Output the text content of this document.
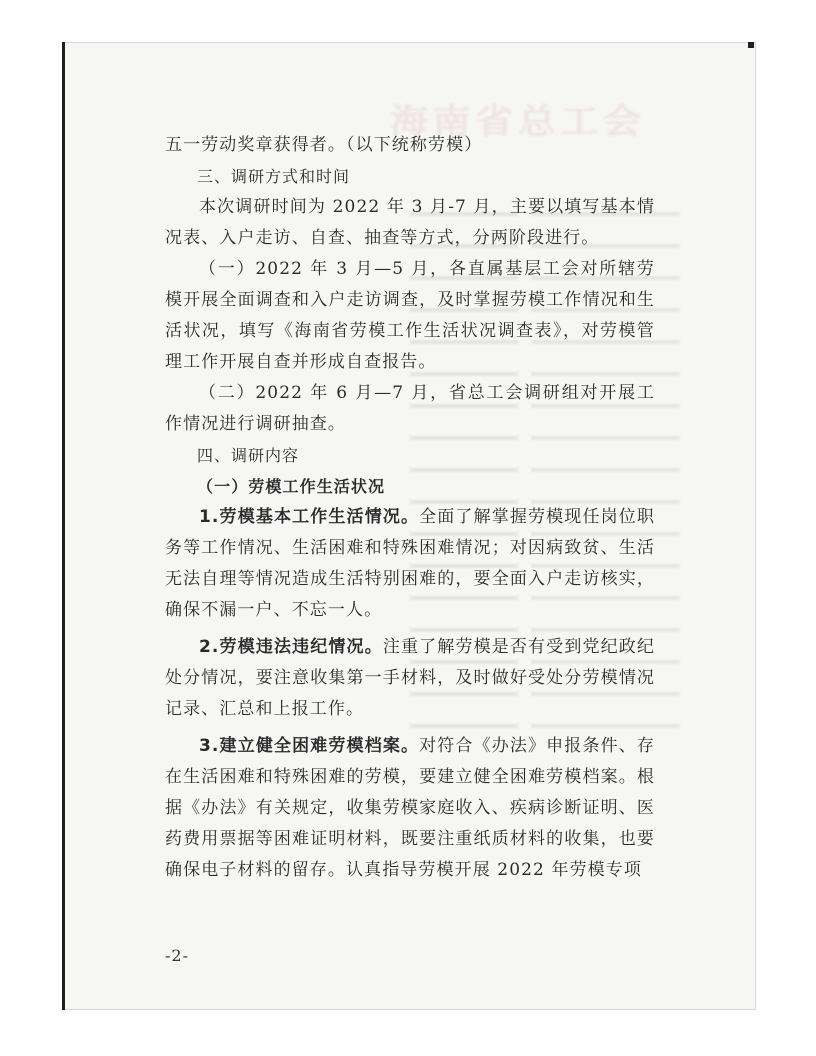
海南省总工会

五一劳动奖章获得者。（以下统称劳模）

三、调研方式和时间

本次调研时间为 2022 年 3 月-7 月，主要以填写基本情况表、入户走访、自查、抽查等方式，分两阶段进行。

（一）2022 年 3 月—5 月，各直属基层工会对所辖劳模开展全面调查和入户走访调查，及时掌握劳模工作情况和生活状况，填写《海南省劳模工作生活状况调查表》，对劳模管理工作开展自查并形成自查报告。

（二）2022 年 6 月—7 月，省总工会调研组对开展工作情况进行调研抽查。

四、调研内容

（一）劳模工作生活状况

1.劳模基本工作生活情况。全面了解掌握劳模现任岗位职务等工作情况、生活困难和特殊困难情况；对因病致贫、生活无法自理等情况造成生活特别困难的，要全面入户走访核实，确保不漏一户、不忘一人。

2.劳模违法违纪情况。注重了解劳模是否有受到党纪政纪处分情况，要注意收集第一手材料，及时做好受处分劳模情况记录、汇总和上报工作。

3.建立健全困难劳模档案。对符合《办法》申报条件、存在生活困难和特殊困难的劳模，要建立健全困难劳模档案。根据《办法》有关规定，收集劳模家庭收入、疾病诊断证明、医药费用票据等困难证明材料，既要注重纸质材料的收集，也要确保电子材料的留存。认真指导劳模开展 2022 年劳模专项

-2-
